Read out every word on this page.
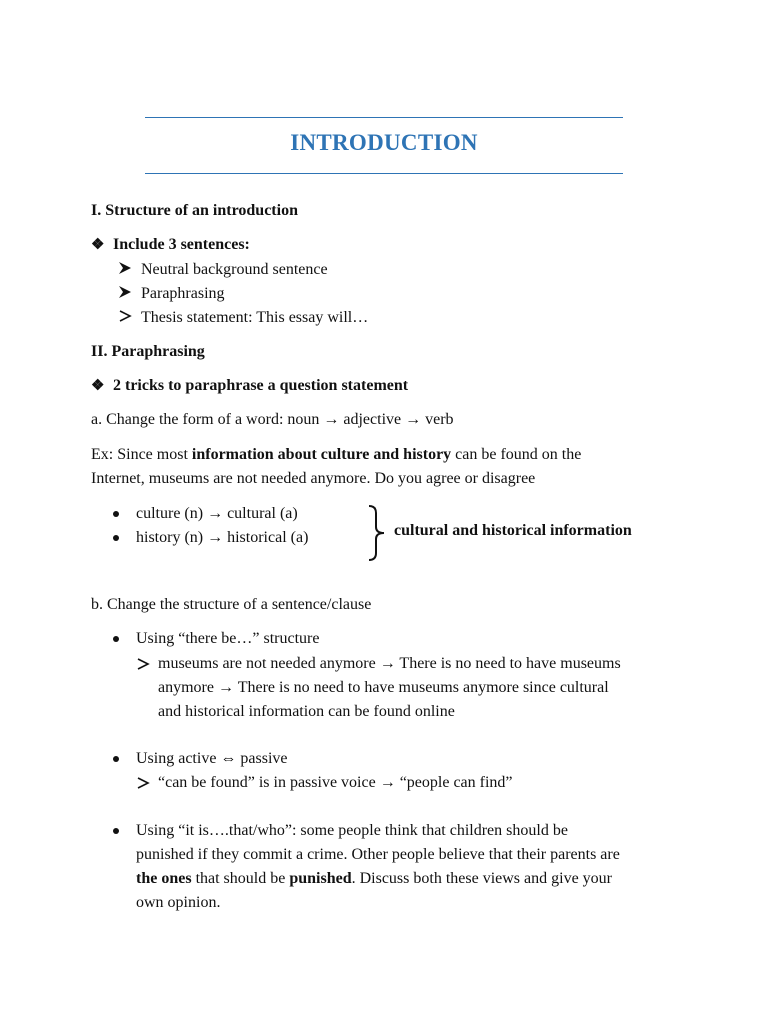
INTRODUCTION
I. Structure of an introduction
❖ Include 3 sentences:
Neutral background sentence
Paraphrasing
Thesis statement: This essay will…
II. Paraphrasing
❖ 2 tricks to paraphrase a question statement
a. Change the form of a word: noun → adjective → verb
Ex: Since most information about culture and history can be found on the
Internet, museums are not needed anymore. Do you agree or disagree
culture (n) → cultural (a)
history (n) → historical (a)	cultural and historical information
b. Change the structure of a sentence/clause
Using “there be…” structure
museums are not needed anymore → There is no need to have museums
anymore → There is no need to have museums anymore since cultural
and historical information can be found online
Using active ⇔ passive
“can be found” is in passive voice → “people can find”
Using “it is….that/who”: some people think that children should be
punished if they commit a crime. Other people believe that their parents are
the ones that should be punished. Discuss both these views and give your
own opinion.
